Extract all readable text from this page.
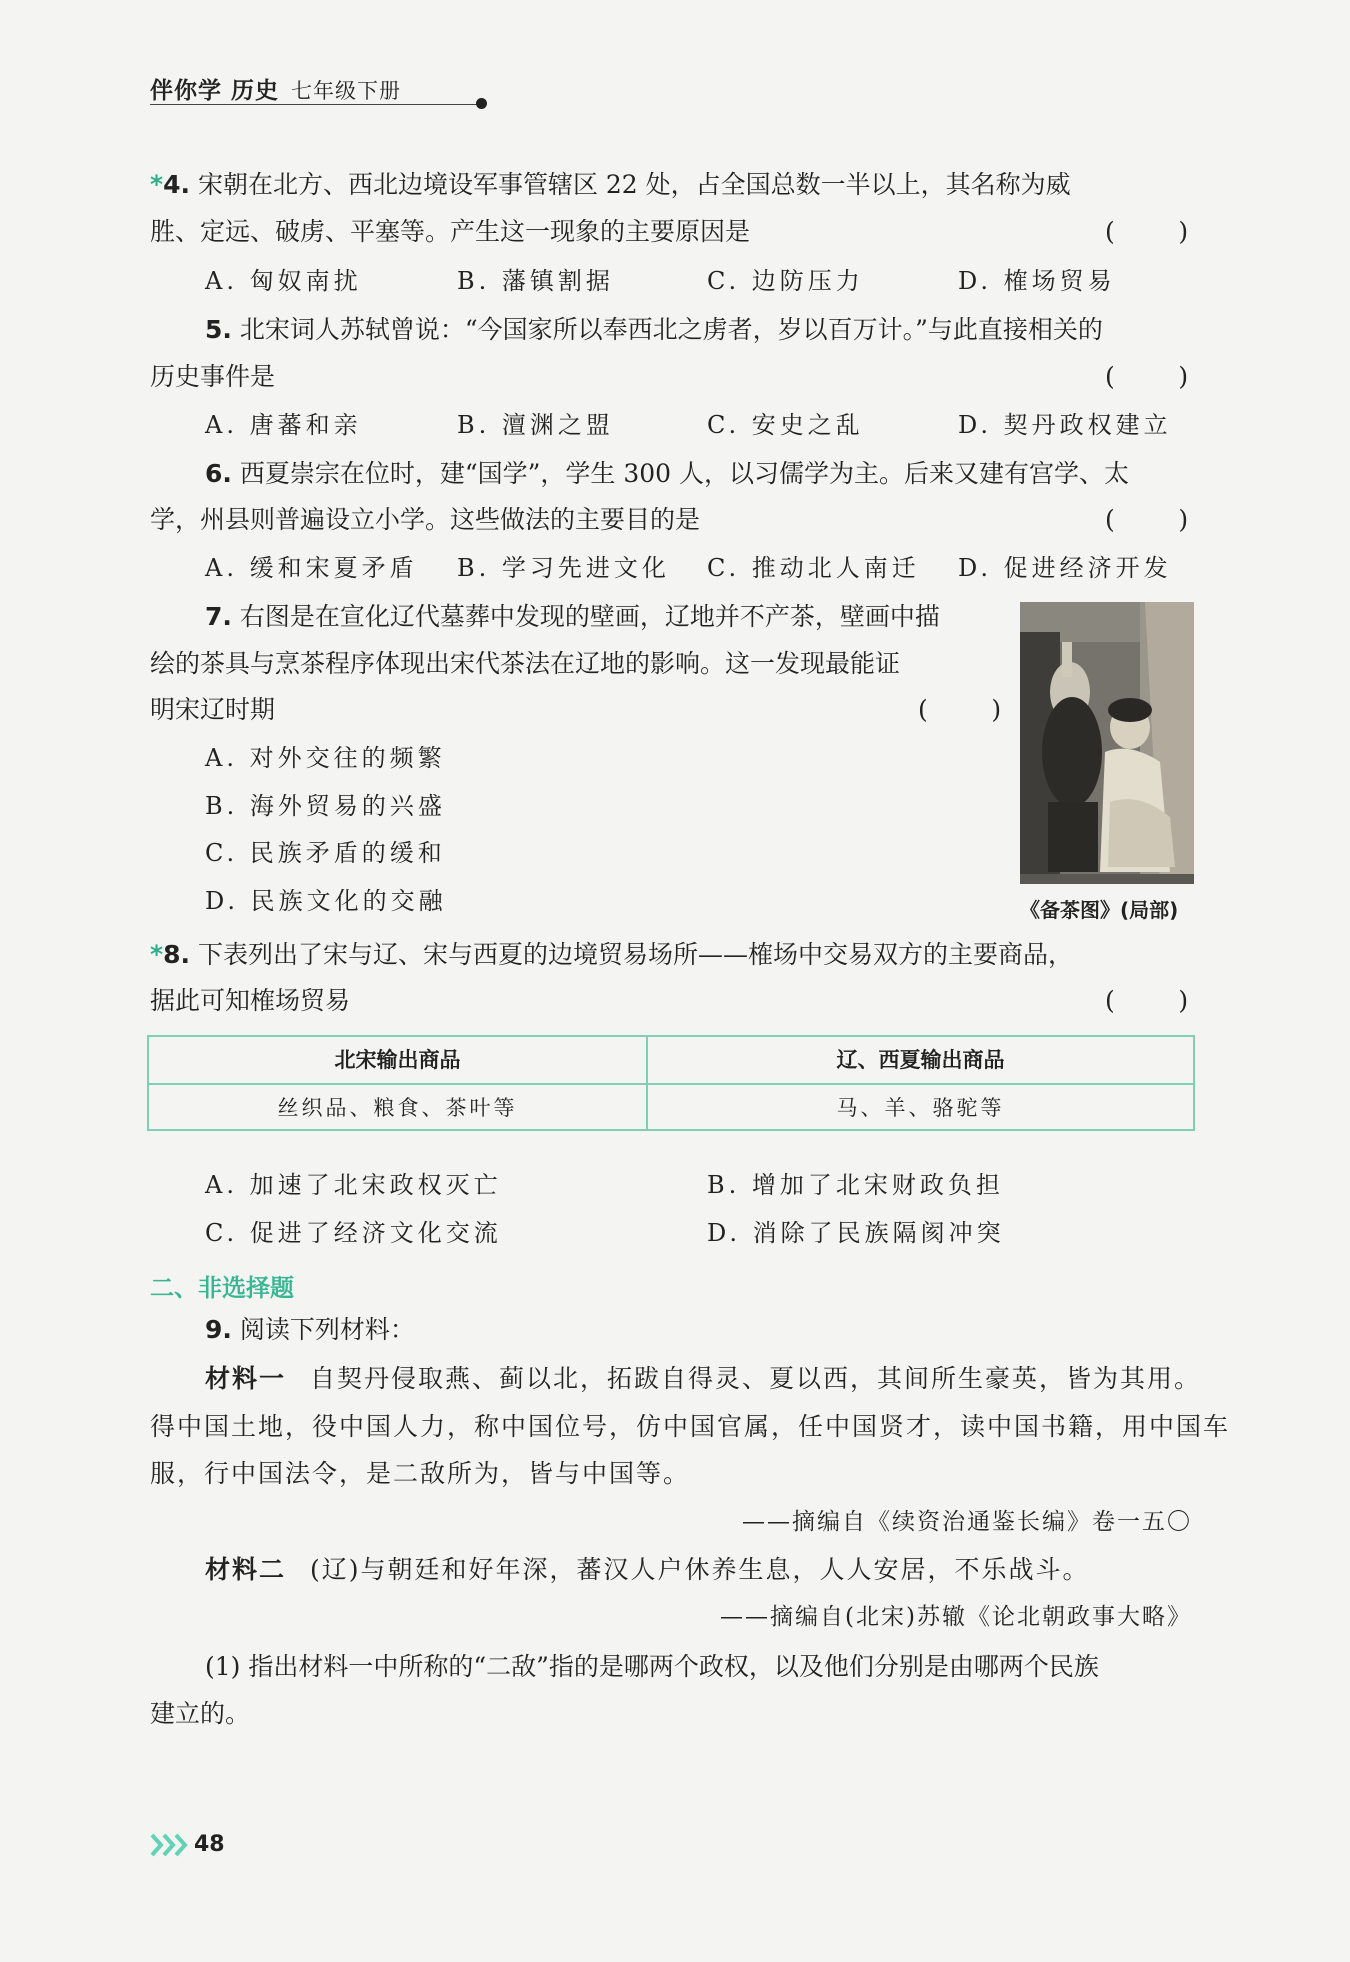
伴你学 历史 七年级下册
*4. 宋朝在北方、西北边境设军事管辖区 22 处，占全国总数一半以上，其名称为威
胜、定远、破虏、平塞等。产生这一现象的主要原因是	(        )
A. 匈奴南扰	B. 藩镇割据	C. 边防压力	D. 榷场贸易
5. 北宋词人苏轼曾说：“今国家所以奉西北之虏者，岁以百万计。”与此直接相关的
历史事件是	(        )
A. 唐蕃和亲	B. 澶渊之盟	C. 安史之乱	D. 契丹政权建立
6. 西夏崇宗在位时，建“国学”，学生 300 人，以习儒学为主。后来又建有宫学、太
学，州县则普遍设立小学。这些做法的主要目的是	(        )
A. 缓和宋夏矛盾 B. 学习先进文化 C. 推动北人南迁 D. 促进经济开发
7. 右图是在宣化辽代墓葬中发现的壁画，辽地并不产茶，壁画中描
绘的茶具与烹茶程序体现出宋代茶法在辽地的影响。这一发现最能证
明宋辽时期	(        )
A. 对外交往的频繁
B. 海外贸易的兴盛
C. 民族矛盾的缓和
D. 民族文化的交融	《备茶图》(局部)
*8. 下表列出了宋与辽、宋与西夏的边境贸易场所——榷场中交易双方的主要商品，
据此可知榷场贸易	(        )
北宋输出商品	辽、西夏输出商品
丝织品、粮食、茶叶等	马、羊、骆驼等
A. 加速了北宋政权灭亡	B. 增加了北宋财政负担
C. 促进了经济文化交流	D. 消除了民族隔阂冲突
二、非选择题
9. 阅读下列材料：
材料一 自契丹侵取燕、蓟以北，拓跋自得灵、夏以西，其间所生豪英，皆为其用。
得中国土地，役中国人力，称中国位号，仿中国官属，任中国贤才，读中国书籍，用中国车
服，行中国法令，是二敌所为，皆与中国等。
——摘编自《续资治通鉴长编》卷一五〇
材料二 (辽)与朝廷和好年深，蕃汉人户休养生息，人人安居，不乐战斗。
——摘编自(北宋)苏辙《论北朝政事大略》
(1) 指出材料一中所称的“二敌”指的是哪两个政权，以及他们分别是由哪两个民族
建立的。
48
